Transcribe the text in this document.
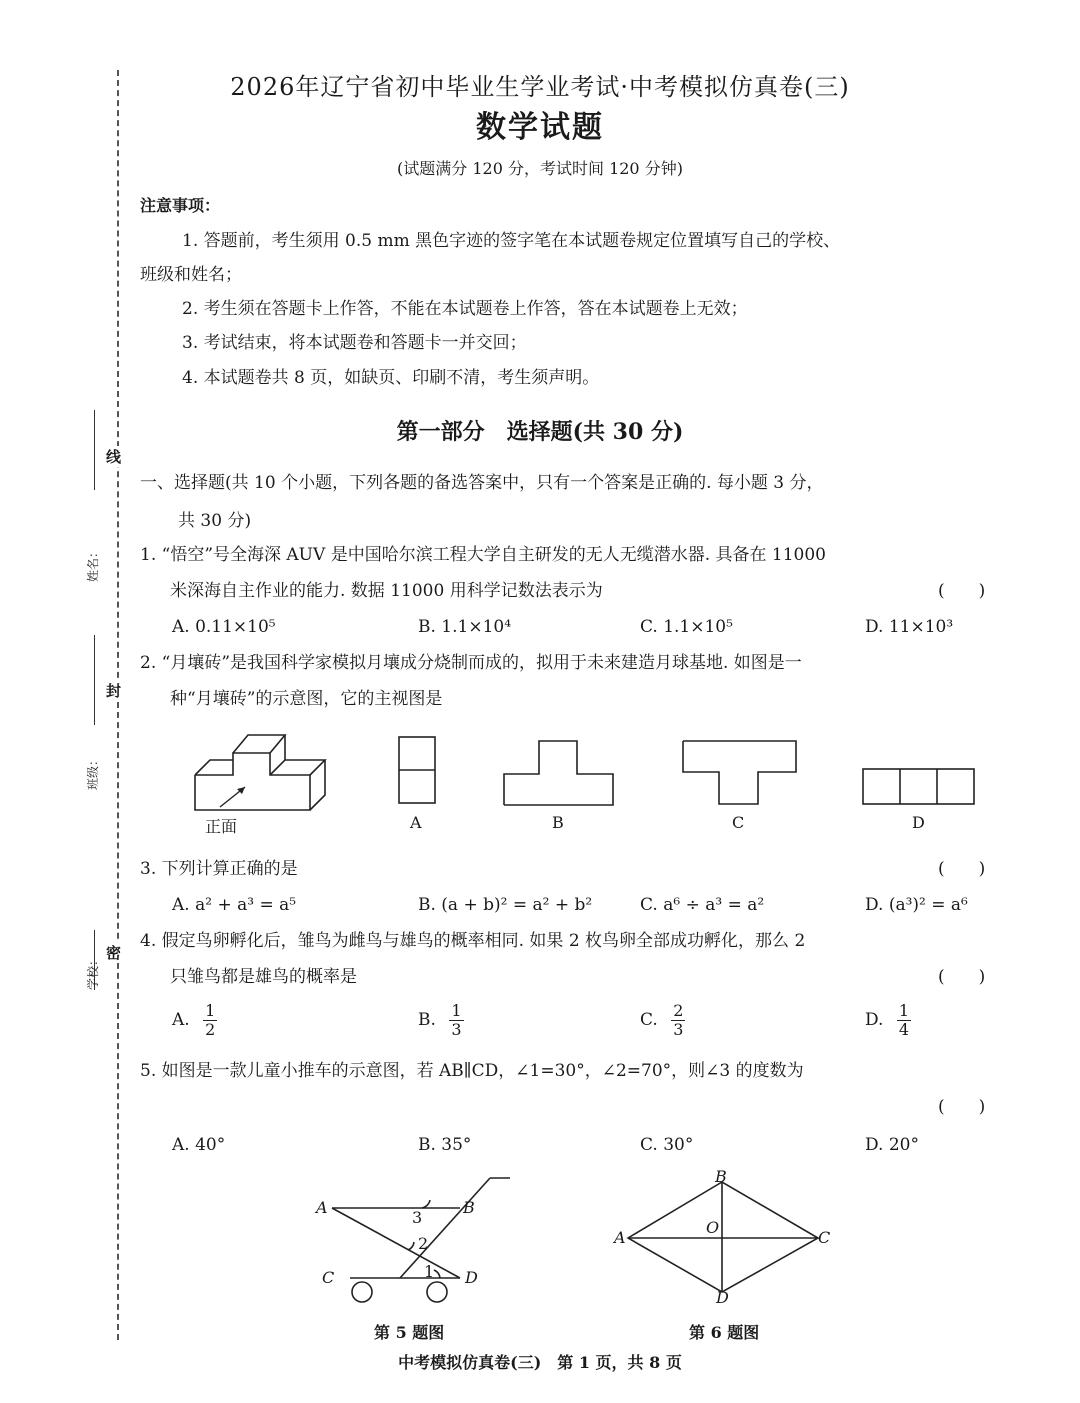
线
封
密
姓名：
班级：
学校：
2026年辽宁省初中毕业生学业考试·中考模拟仿真卷(三)
数学试题
(试题满分 120 分，考试时间 120 分钟)
注意事项：
1. 答题前，考生须用 0.5 mm 黑色字迹的签字笔在本试题卷规定位置填写自己的学校、
班级和姓名；
2. 考生须在答题卡上作答，不能在本试题卷上作答，答在本试题卷上无效；
3. 考试结束，将本试题卷和答题卡一并交回；
4. 本试题卷共 8 页，如缺页、印刷不清，考生须声明。
第一部分　选择题(共 30 分)
一、选择题(共 10 个小题，下列各题的备选答案中，只有一个答案是正确的. 每小题 3 分，
共 30 分)
1. “悟空”号全海深 AUV 是中国哈尔滨工程大学自主研发的无人无缆潜水器. 具备在 11000
米深海自主作业的能力. 数据 11000 用科学记数法表示为	(　　)
A. 0.11×10⁵	B. 1.1×10⁴	C. 1.1×10⁵	D. 11×10³
2. “月壤砖”是我国科学家模拟月壤成分烧制而成的，拟用于未来建造月球基地. 如图是一
种“月壤砖”的示意图，它的主视图是
正面	A	B	C	D
3. 下列计算正确的是	(　　)
A. a² + a³ = a⁵	B. (a + b)² = a² + b²	C. a⁶ ÷ a³ = a²	D. (a³)² = a⁶
4. 假定鸟卵孵化后，雏鸟为雌鸟与雄鸟的概率相同. 如果 2 枚鸟卵全部成功孵化，那么 2
只雏鸟都是雄鸟的概率是	(　　)
A. $\frac{1}{2}$	B. $\frac{1}{3}$	C. $\frac{2}{3}$	D. $\frac{1}{4}$
5. 如图是一款儿童小推车的示意图，若 AB∥CD，∠1=30°，∠2=70°，则∠3 的度数为
(　　)
A. 40°	B. 35°	C. 30°	D. 20°
A	B
C	D
1
2
3
第 5 题图
B
A	C
D
O
第 6 题图
中考模拟仿真卷(三)　第 1 页，共 8 页
